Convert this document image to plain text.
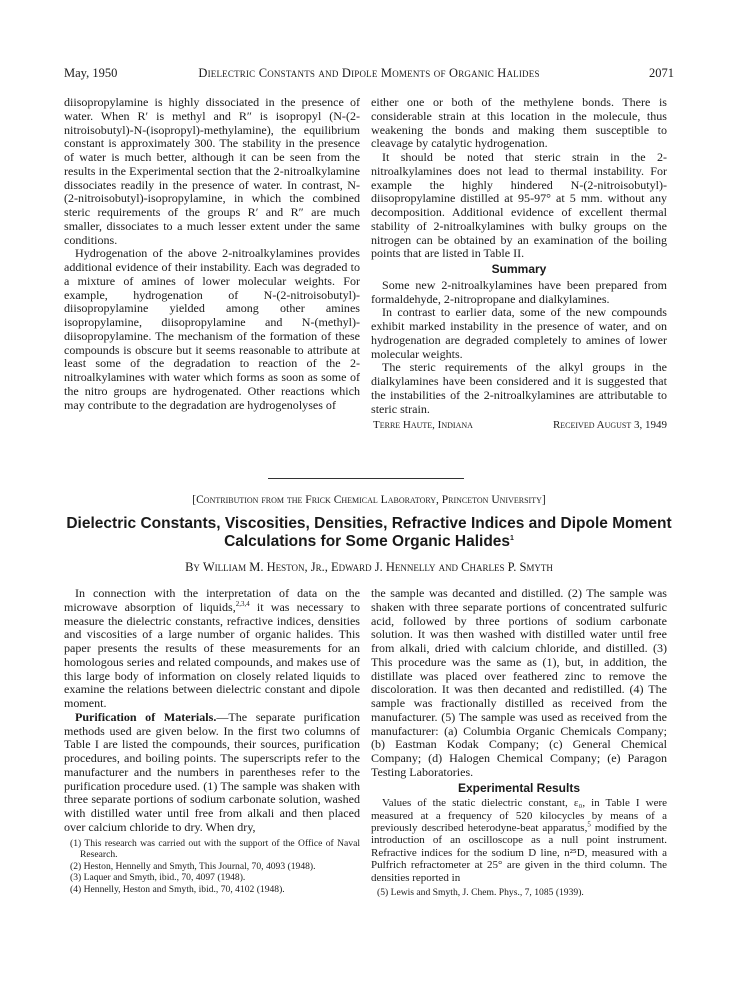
May, 1950	Dielectric Constants and Dipole Moments of Organic Halides	2071

diisopropylamine is highly dissociated in the presence of water. When R′ is methyl and R″ is isopropyl (N-(2-nitroisobutyl)-N-(isopropyl)-methylamine), the equilibrium constant is approximately 300. The stability in the presence of water is much better, although it can be seen from the results in the Experimental section that the 2-nitroalkylamine dissociates readily in the presence of water. In contrast, N-(2-nitroisobutyl)-isopropylamine, in which the combined steric requirements of the groups R′ and R″ are much smaller, dissociates to a much lesser extent under the same conditions.

Hydrogenation of the above 2-nitroalkylamines provides additional evidence of their instability. Each was degraded to a mixture of amines of lower molecular weights. For example, hydrogenation of N-(2-nitroisobutyl)-diisopropylamine yielded among other amines isopropylamine, diisopropylamine and N-(methyl)-diisopropylamine. The mechanism of the formation of these compounds is obscure but it seems reasonable to attribute at least some of the degradation to reaction of the 2-nitroalkylamines with water which forms as soon as some of the nitro groups are hydrogenated. Other reactions which may contribute to the degradation are hydrogenolyses of

either one or both of the methylene bonds. There is considerable strain at this location in the molecule, thus weakening the bonds and making them susceptible to cleavage by catalytic hydrogenation.

It should be noted that steric strain in the 2-nitroalkylamines does not lead to thermal instability. For example the highly hindered N-(2-nitroisobutyl)-diisopropylamine distilled at 95-97° at 5 mm. without any decomposition. Additional evidence of excellent thermal stability of 2-nitroalkylamines with bulky groups on the nitrogen can be obtained by an examination of the boiling points that are listed in Table II.

Summary

Some new 2-nitroalkylamines have been prepared from formaldehyde, 2-nitropropane and dialkylamines.

In contrast to earlier data, some of the new compounds exhibit marked instability in the presence of water, and on hydrogenation are degraded completely to amines of lower molecular weights.

The steric requirements of the alkyl groups in the dialkylamines have been considered and it is suggested that the instabilities of the 2-nitroalkylamines are attributable to steric strain.

Terre Haute, Indiana	Received August 3, 1949
[Contribution from the Frick Chemical Laboratory, Princeton University]
Dielectric Constants, Viscosities, Densities, Refractive Indices and Dipole Moment
Calculations for Some Organic Halides$^1$
By William M. Heston, Jr., Edward J. Hennelly and Charles P. Smyth

In connection with the interpretation of data on the microwave absorption of liquids,$^{2,3,4}$ it was necessary to measure the dielectric constants, refractive indices, densities and viscosities of a large number of organic halides. This paper presents the results of these measurements for an homologous series and related compounds, and makes use of this large body of information on closely related liquids to examine the relations between dielectric constant and dipole moment.

Purification of Materials.—The separate purification methods used are given below. In the first two columns of Table I are listed the compounds, their sources, purification procedures, and boiling points. The superscripts refer to the manufacturer and the numbers in parentheses refer to the purification procedure used. (1) The sample was shaken with three separate portions of sodium carbonate solution, washed with distilled water until free from alkali and then placed over calcium chloride to dry. When dry,

(1) This research was carried out with the support of the Office of Naval Research.
(2) Heston, Hennelly and Smyth, This Journal, 70, 4093 (1948).
(3) Laquer and Smyth, ibid., 70, 4097 (1948).
(4) Hennelly, Heston and Smyth, ibid., 70, 4102 (1948).

the sample was decanted and distilled. (2) The sample was shaken with three separate portions of concentrated sulfuric acid, followed by three portions of sodium carbonate solution. It was then washed with distilled water until free from alkali, dried with calcium chloride, and distilled. (3) This procedure was the same as (1), but, in addition, the distillate was placed over feathered zinc to remove the discoloration. It was then decanted and redistilled. (4) The sample was fractionally distilled as received from the manufacturer. (5) The sample was used as received from the manufacturer: (a) Columbia Organic Chemicals Company; (b) Eastman Kodak Company; (c) General Chemical Company; (d) Halogen Chemical Company; (e) Paragon Testing Laboratories.

Experimental Results

Values of the static dielectric constant, ε₀, in Table I were measured at a frequency of 520 kilocycles by means of a previously described heterodyne-beat apparatus,$^5$ modified by the introduction of an oscilloscope as a null point instrument. Refractive indices for the sodium D line, n²⁵D, measured with a Pulfrich refractometer at 25° are given in the third column. The densities reported in

(5) Lewis and Smyth, J. Chem. Phys., 7, 1085 (1939).
